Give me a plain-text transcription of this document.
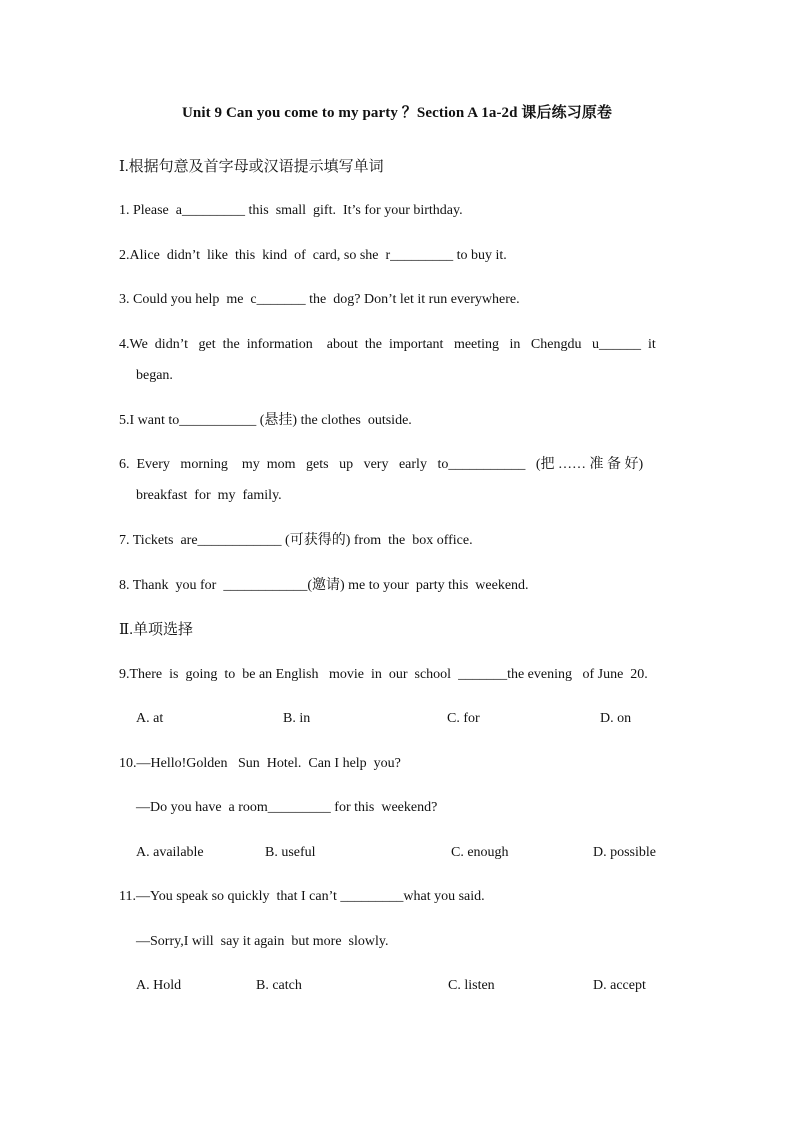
Unit 9 Can you come to my party ？Section A 1a-2d 课后练习原卷
Ⅰ.根据句意及首字母或汉语提示填写单词
1. Please  a_________ this  small  gift.  It’s for your birthday.
2.Alice  didn’t  like  this  kind  of  card, so she  r_________ to buy it.
3. Could you help  me  c_______ the  dog? Don’t let it run everywhere.
4.We  didn’t   get  the  information    about  the  important   meeting   in   Chengdu   u______  it
began.
5.I want to___________ (悬挂) the clothes  outside.
6.  Every   morning    my  mom   gets   up   very   early   to___________   (把 …… 准 备 好)
breakfast  for  my  family.
7. Tickets  are____________ (可获得的) from  the  box office.
8. Thank  you for  ____________(邀请) me to your  party this  weekend.
Ⅱ.单项选择
9.There  is  going  to  be an English   movie  in  our  school  _______the evening   of June  20.
A. at	B. in	C. for	D. on
10.—Hello!Golden   Sun  Hotel.  Can I help  you?
—Do you have  a room_________ for this  weekend?
A. available	B. useful	C. enough	D. possible
11.—You speak so quickly  that I can’t _________what you said.
—Sorry,I will  say it again  but more  slowly.
A. Hold	B. catch	C. listen	D. accept
